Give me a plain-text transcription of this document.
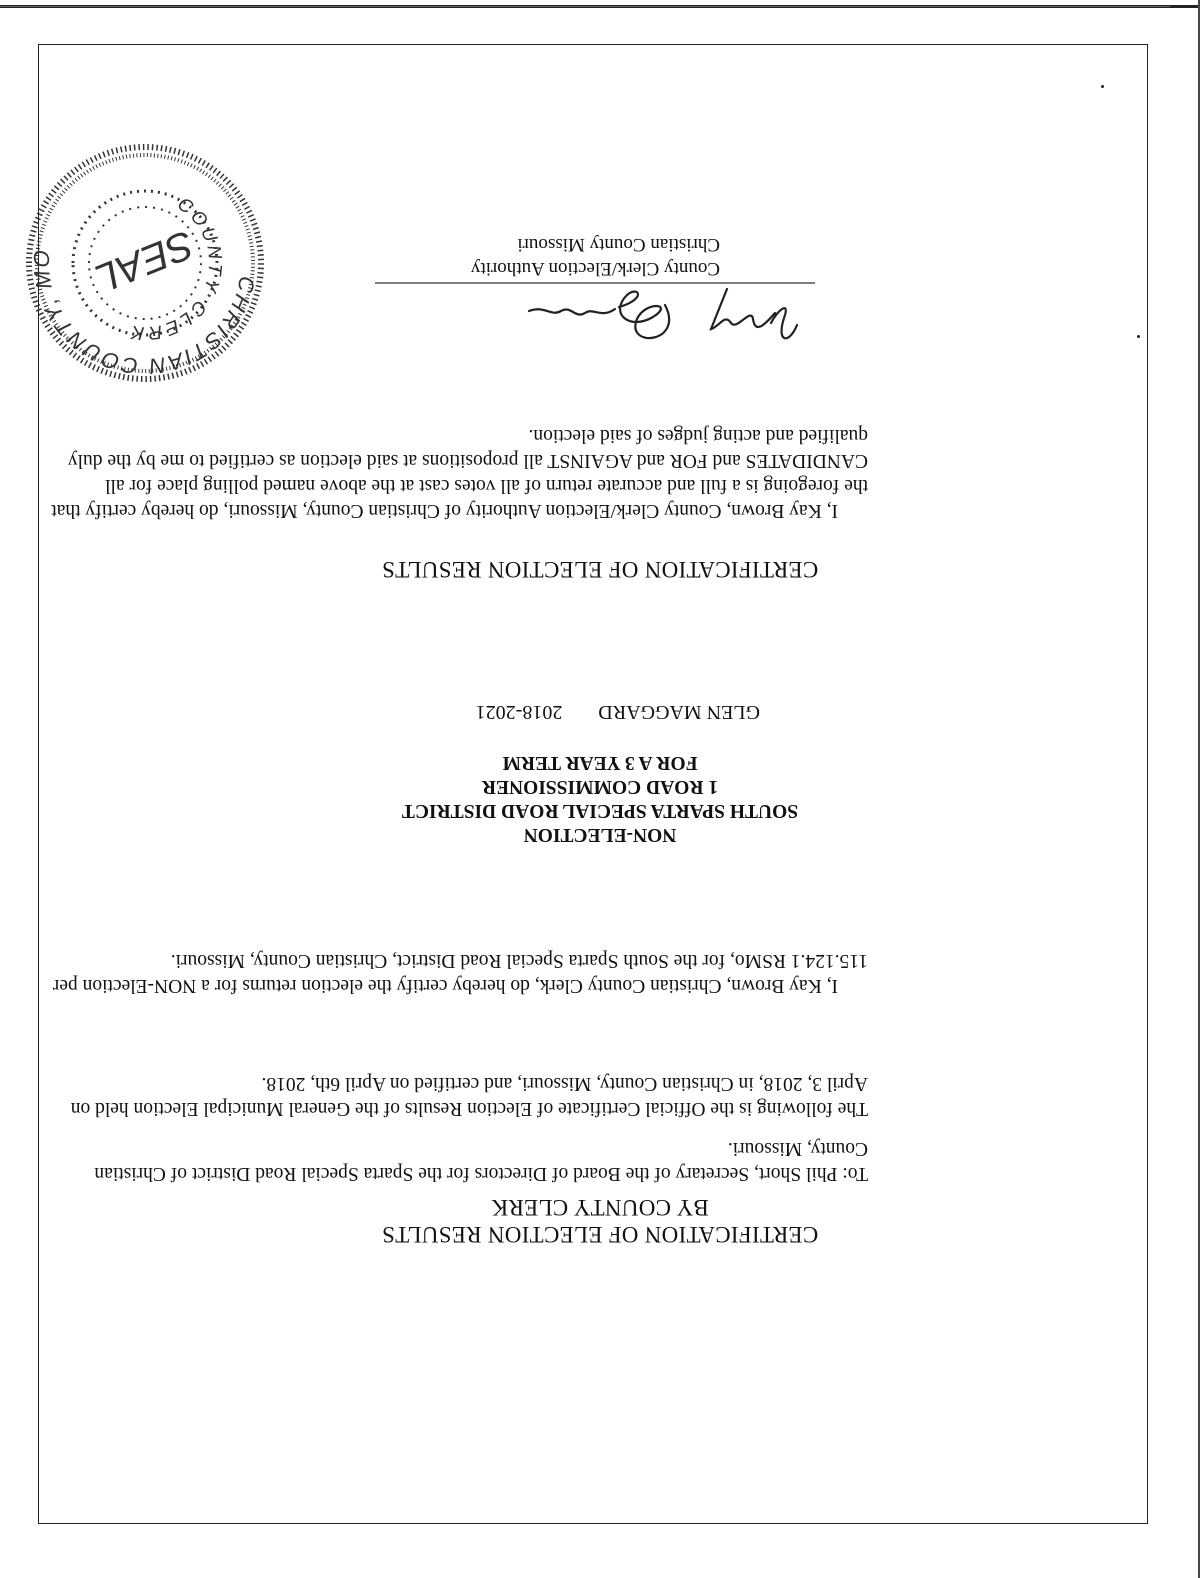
CERTIFICATION OF ELECTION RESULTS
BY COUNTY CLERK
To: Phil Short, Secretary of the Board of Directors for the Sparta Special Road District of Christian County, Missouri.
The following is the Official Certificate of Election Results of the General Municipal Election held on April 3, 2018, in Christian County, Missouri, and certified on April 6th, 2018.
I, Kay Brown, Christian County Clerk, do hereby certify the election returns for a NON-Election per 115.124.1 RSMo, for the South Sparta Special Road District, Christian County, Missouri.
NON-ELECTION
SOUTH SPARTA SPECIAL ROAD DISTRICT
1 ROAD COMMISSIONER
FOR A 3 YEAR TERM
GLEN MAGGARD  2018-2021
CERTIFICATION OF ELECTION RESULTS
I, Kay Brown, County Clerk/Election Authority of Christian County, Missouri, do hereby certify that the foregoing is a full and accurate return of all votes cast at the above named polling place for all CANDIDATES and FOR and AGAINST all propositions at said election as certified to me by the duly qualified and acting judges of said election.
County Clerk/Election Authority
Christian County Missouri
CHRISTIAN COUNTY, MO
COUNTY CLERK
SEAL
